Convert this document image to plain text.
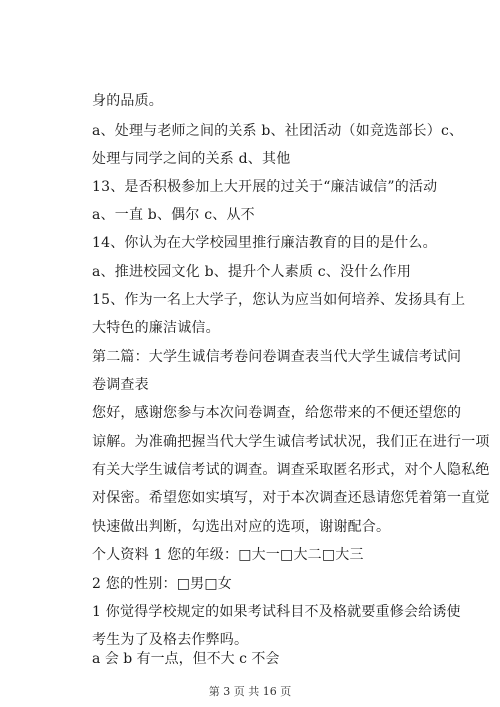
身的品质。
a、处理与老师之间的关系 b、社团活动（如竞选部长）c、
处理与同学之间的关系 d、其他
13、是否积极参加上大开展的过关于“廉洁诚信”的活动
a、一直 b、偶尔 c、从不
14、你认为在大学校园里推行廉洁教育的目的是什么。
a、推进校园文化 b、提升个人素质 c、没什么作用
15、作为一名上大学子，您认为应当如何培养、发扬具有上
大特色的廉洁诚信。
第二篇：大学生诚信考卷问卷调查表当代大学生诚信考试问
卷调查表
您好，感谢您参与本次问卷调查，给您带来的不便还望您的
谅解。为准确把握当代大学生诚信考试状况，我们正在进行一项
有关大学生诚信考试的调查。调查采取匿名形式，对个人隐私绝
对保密。希望您如实填写，对于本次调查还恳请您凭着第一直觉
快速做出判断，勾选出对应的选项，谢谢配合。
个人资料 1 您的年级：□大一□大二□大三
2 您的性别：□男□女
1 你觉得学校规定的如果考试科目不及格就要重修会给诱使
考生为了及格去作弊吗。
a 会 b 有一点，但不大 c 不会
第 3 页 共 16 页
